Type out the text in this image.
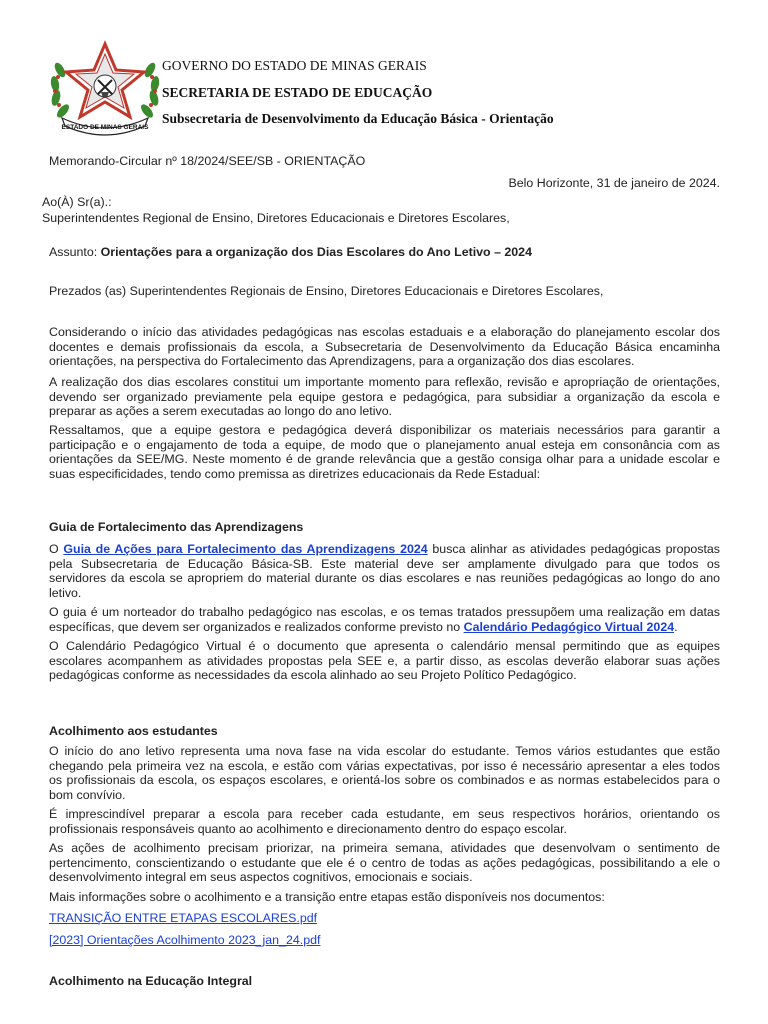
ESTADO DE MINAS GERAIS
GOVERNO DO ESTADO DE MINAS GERAIS
SECRETARIA DE ESTADO DE EDUCAÇÃO
Subsecretaria de Desenvolvimento da Educação Básica - Orientação
Memorando-Circular nº 18/2024/SEE/SB - ORIENTAÇÃO
Belo Horizonte, 31 de janeiro de 2024.
Ao(À) Sr(a).:
Superintendentes Regional de Ensino, Diretores Educacionais e Diretores Escolares,
Assunto: Orientações para a organização dos Dias Escolares do Ano Letivo – 2024
Prezados (as) Superintendentes Regionais de Ensino, Diretores Educacionais e Diretores Escolares,
Considerando o início das atividades pedagógicas nas escolas estaduais e a elaboração do planejamento escolar dos
docentes e demais profissionais da escola, a Subsecretaria de Desenvolvimento da Educação Básica encaminha
orientações, na perspectiva do Fortalecimento das Aprendizagens, para a organização dos dias escolares.
A realização dos dias escolares constitui um importante momento para reflexão, revisão e apropriação de orientações,
devendo ser organizado previamente pela equipe gestora e pedagógica, para subsidiar a organização da escola e
preparar as ações a serem executadas ao longo do ano letivo.
Ressaltamos, que a equipe gestora e pedagógica deverá disponibilizar os materiais necessários para garantir a
participação e o engajamento de toda a equipe, de modo que o planejamento anual esteja em consonância com as
orientações da SEE/MG. Neste momento é de grande relevância que a gestão consiga olhar para a unidade escolar e
suas especificidades, tendo como premissa as diretrizes educacionais da Rede Estadual:
Guia de Fortalecimento das Aprendizagens
O Guia de Ações para Fortalecimento das Aprendizagens 2024 busca alinhar as atividades pedagógicas propostas
pela Subsecretaria de Educação Básica-SB. Este material deve ser amplamente divulgado para que todos os
servidores da escola se apropriem do material durante os dias escolares e nas reuniões pedagógicas ao longo do ano
letivo.
O guia é um norteador do trabalho pedagógico nas escolas, e os temas tratados pressupõem uma realização em datas
específicas, que devem ser organizados e realizados conforme previsto no Calendário Pedagógico Virtual 2024.
O Calendário Pedagógico Virtual é o documento que apresenta o calendário mensal permitindo que as equipes
escolares acompanhem as atividades propostas pela SEE e, a partir disso, as escolas deverão elaborar suas ações
pedagógicas conforme as necessidades da escola alinhado ao seu Projeto Político Pedagógico.
Acolhimento aos estudantes
O início do ano letivo representa uma nova fase na vida escolar do estudante. Temos vários estudantes que estão
chegando pela primeira vez na escola, e estão com várias expectativas, por isso é necessário apresentar a eles todos
os profissionais da escola, os espaços escolares, e orientá-los sobre os combinados e as normas estabelecidos para o
bom convívio.
É imprescindível preparar a escola para receber cada estudante, em seus respectivos horários, orientando os
profissionais responsáveis quanto ao acolhimento e direcionamento dentro do espaço escolar.
As ações de acolhimento precisam priorizar, na primeira semana, atividades que desenvolvam o sentimento de
pertencimento, conscientizando o estudante que ele é o centro de todas as ações pedagógicas, possibilitando a ele o
desenvolvimento integral em seus aspectos cognitivos, emocionais e sociais.
Mais informações sobre o acolhimento e a transição entre etapas estão disponíveis nos documentos:
TRANSIÇÃO ENTRE ETAPAS ESCOLARES.pdf
[2023] Orientações Acolhimento 2023_jan_24.pdf
Acolhimento na Educação Integral
